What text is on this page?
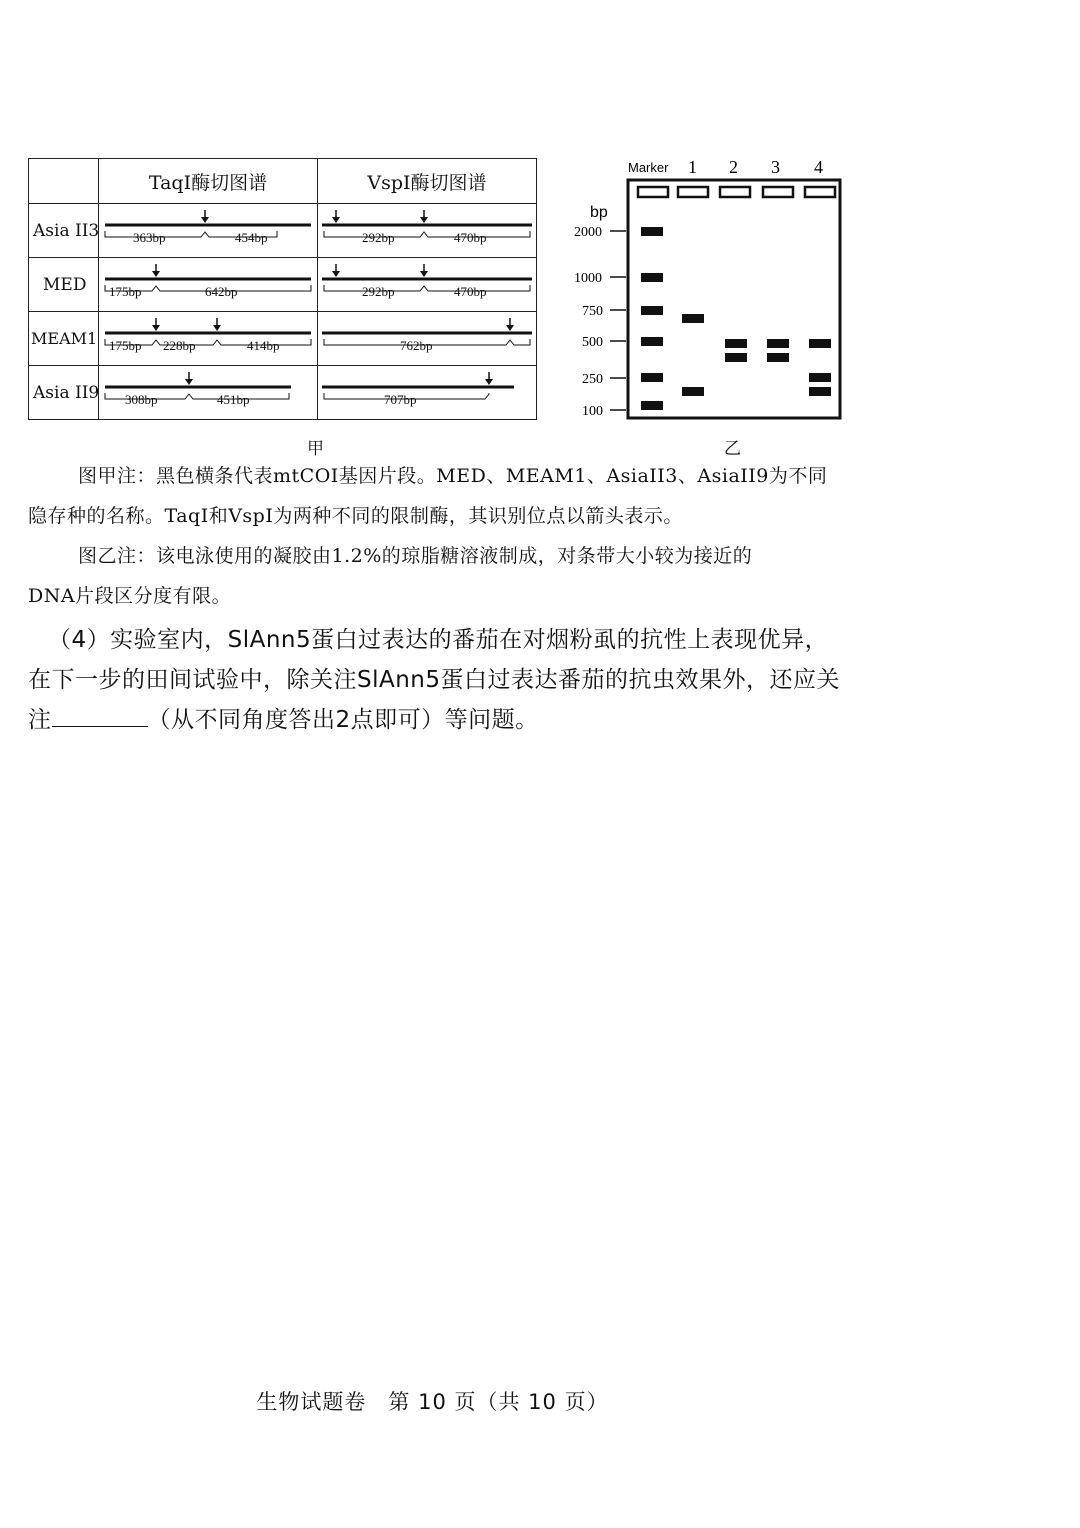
	TaqⅠ酶切图谱	VspⅠ酶切图谱
Asia II3	363bp 454bp	292bp 470bp

MED	175bp 642bp	292bp 470bp

MEAM1	175bp 228bp 414bp	762bp

Asia II9	308bp 451bp	707bp
Marker 1 2 3 4
bp
2000
1000
750
500
250
100
甲	乙

图甲注：黑色横条代表mtCOI基因片段。MED、MEAM1、AsiaII3、AsiaII9为不同

隐存种的名称。TaqⅠ和VspⅠ为两种不同的限制酶，其识别位点以箭头表示。

图乙注：该电泳使用的凝胶由1.2%的琼脂糖溶液制成，对条带大小较为接近的

DNA片段区分度有限。

（4）实验室内，SlAnn5蛋白过表达的番茄在对烟粉虱的抗性上表现优异，

在下一步的田间试验中，除关注SlAnn5蛋白过表达番茄的抗虫效果外，还应关

注	（从不同角度答出2点即可）等问题。

生物试题卷　第 10 页（共 10 页）
